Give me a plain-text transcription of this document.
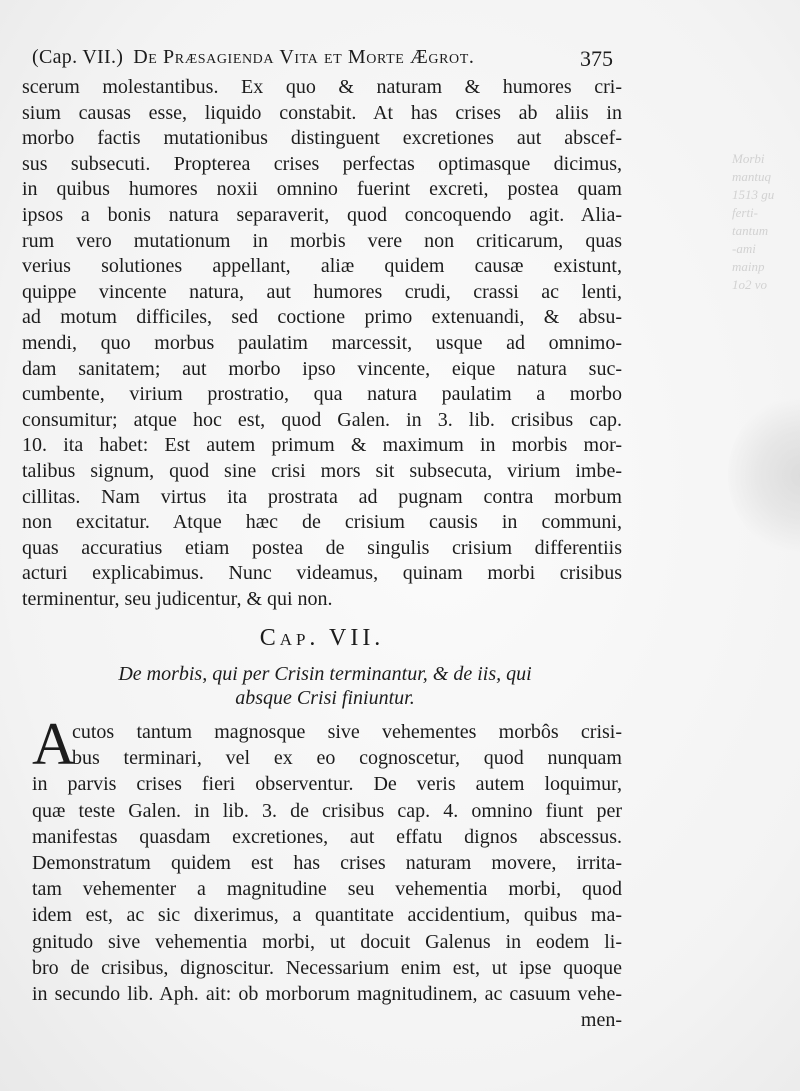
Morbi
mantuq
1513 gu
ferti-
tantum
-ami
mainp
1o2 vo
(Cap. VII.) De Præsagienda Vita et Morte Ægrot.	375
scerum molestantibus. Ex quo & naturam & humores cri-
sium causas esse, liquido constabit. At has crises ab aliis in
morbo factis mutationibus distinguent excretiones aut abscef-
sus subsecuti. Propterea crises perfectas optimasque dicimus,
in quibus humores noxii omnino fuerint excreti, postea quam
ipsos a bonis natura separaverit, quod concoquendo agit. Alia-
rum vero mutationum in morbis vere non criticarum, quas
verius solutiones appellant, aliæ quidem causæ existunt,
quippe vincente natura, aut humores crudi, crassi ac lenti,
ad motum difficiles, sed coctione primo extenuandi, & absu-
mendi, quo morbus paulatim marcessit, usque ad omnimo-
dam sanitatem; aut morbo ipso vincente, eique natura suc-
cumbente, virium prostratio, qua natura paulatim a morbo
consumitur; atque hoc est, quod Galen. in 3. lib. crisibus cap.
10. ita habet: Est autem primum & maximum in morbis mor-
talibus signum, quod sine crisi mors sit subsecuta, virium imbe-
cillitas. Nam virtus ita prostrata ad pugnam contra morbum
non excitatur. Atque hæc de crisium causis in communi,
quas accuratius etiam postea de singulis crisium differentiis
acturi explicabimus. Nunc videamus, quinam morbi crisibus
terminentur, seu judicentur, & qui non.
Cap. VII.
De morbis, qui per Crisin terminantur, & de iis, qui
absque Crisi finiuntur.
A
cutos tantum magnosque sive vehementes morbôs crisi-
bus terminari, vel ex eo cognoscetur, quod nunquam
in parvis crises fieri observentur. De veris autem loquimur,
quæ teste Galen. in lib. 3. de crisibus cap. 4. omnino fiunt per
manifestas quasdam excretiones, aut effatu dignos abscessus.
Demonstratum quidem est has crises naturam movere, irrita-
tam vehementer a magnitudine seu vehementia morbi, quod
idem est, ac sic dixerimus, a quantitate accidentium, quibus ma-
gnitudo sive vehementia morbi, ut docuit Galenus in eodem li-
bro de crisibus, dignoscitur. Necessarium enim est, ut ipse quoque
in secundo lib. Aph. ait: ob morborum magnitudinem, ac casuum vehe-
men-
